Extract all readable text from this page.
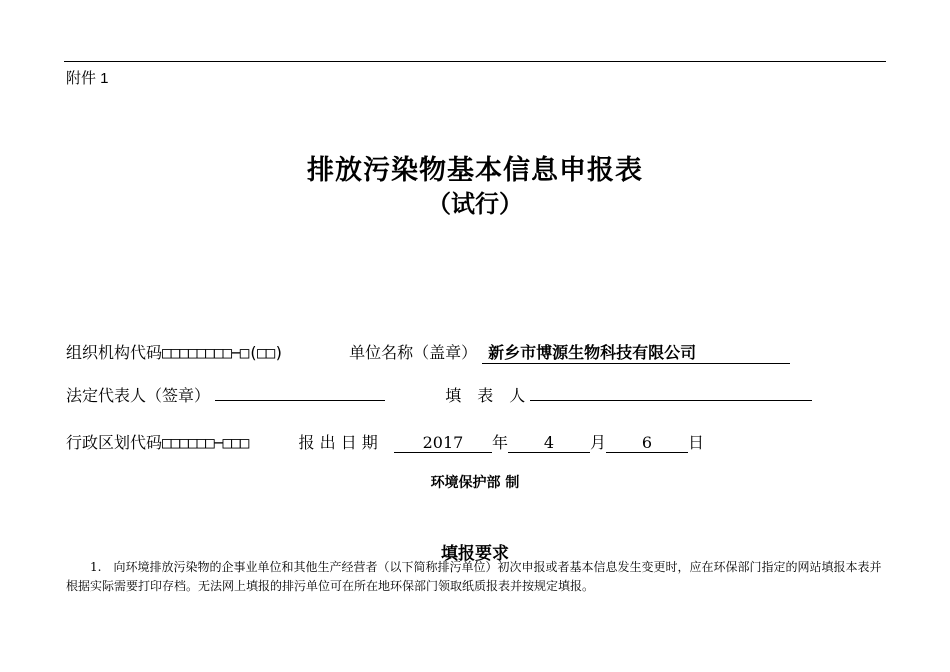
附件 1
排放污染物基本信息申报表
（试行）
组织机构代码□□□□□□□□−□(□□)	单位名称（盖章） 新乡市博源生物科技有限公司
法定代表人（签章）	填　表　人
行政区划代码□□□□□□−□□□	报 出 日 期	2017 年 4 月 6 日
环境保护部 制
填报要求
1.　向环境排放污染物的企事业单位和其他生产经营者（以下简称排污单位）初次申报或者基本信息发生变更时，应在环保部门指定的网站填报本表并根据实际需要打印存档。无法网上填报的排污单位可在所在地环保部门领取纸质报表并按规定填报。
